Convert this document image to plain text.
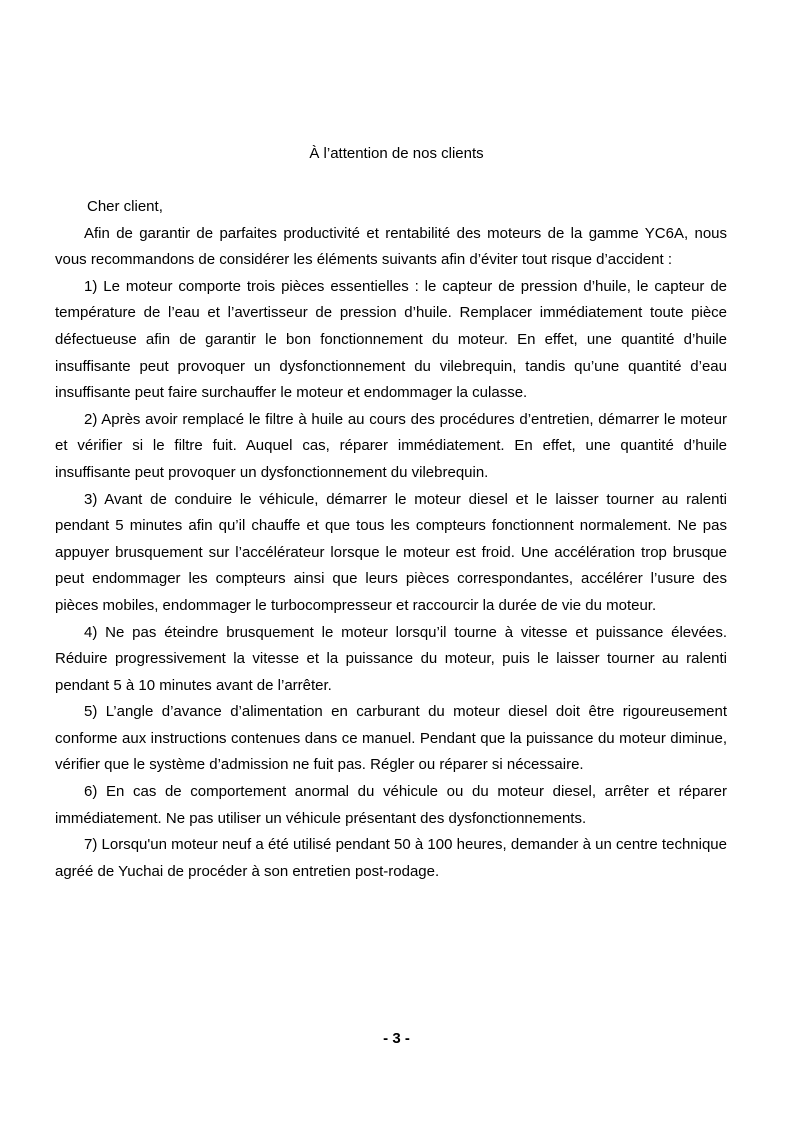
À l’attention de nos clients

Cher client,

Afin de garantir de parfaites productivité et rentabilité des moteurs de la gamme YC6A, nous vous recommandons de considérer les éléments suivants afin d’éviter tout risque d’accident :

1) Le moteur comporte trois pièces essentielles : le capteur de pression d’huile, le capteur de température de l’eau et l’avertisseur de pression d’huile. Remplacer immédiatement toute pièce défectueuse afin de garantir le bon fonctionnement du moteur. En effet, une quantité d’huile insuffisante peut provoquer un dysfonctionnement du vilebrequin, tandis qu’une quantité d’eau insuffisante peut faire surchauffer le moteur et endommager la culasse.

2) Après avoir remplacé le filtre à huile au cours des procédures d’entretien, démarrer le moteur et vérifier si le filtre fuit. Auquel cas, réparer immédiatement. En effet, une quantité d’huile insuffisante peut provoquer un dysfonctionnement du vilebrequin.

3) Avant de conduire le véhicule, démarrer le moteur diesel et le laisser tourner au ralenti pendant 5 minutes afin qu’il chauffe et que tous les compteurs fonctionnent normalement. Ne pas appuyer brusquement sur l’accélérateur lorsque le moteur est froid. Une accélération trop brusque peut endommager les compteurs ainsi que leurs pièces correspondantes, accélérer l’usure des pièces mobiles, endommager le turbocompresseur et raccourcir la durée de vie du moteur.

4) Ne pas éteindre brusquement le moteur lorsqu’il tourne à vitesse et puissance élevées. Réduire progressivement la vitesse et la puissance du moteur, puis le laisser tourner au ralenti pendant 5 à 10 minutes avant de l’arrêter.

5) L’angle d’avance d’alimentation en carburant du moteur diesel doit être rigoureusement conforme aux instructions contenues dans ce manuel. Pendant que la puissance du moteur diminue, vérifier que le système d’admission ne fuit pas. Régler ou réparer si nécessaire.

6) En cas de comportement anormal du véhicule ou du moteur diesel, arrêter et réparer immédiatement. Ne pas utiliser un véhicule présentant des dysfonctionnements.

7) Lorsqu'un moteur neuf a été utilisé pendant 50 à 100 heures, demander à un centre technique agréé de Yuchai de procéder à son entretien post-rodage.

- 3 -
